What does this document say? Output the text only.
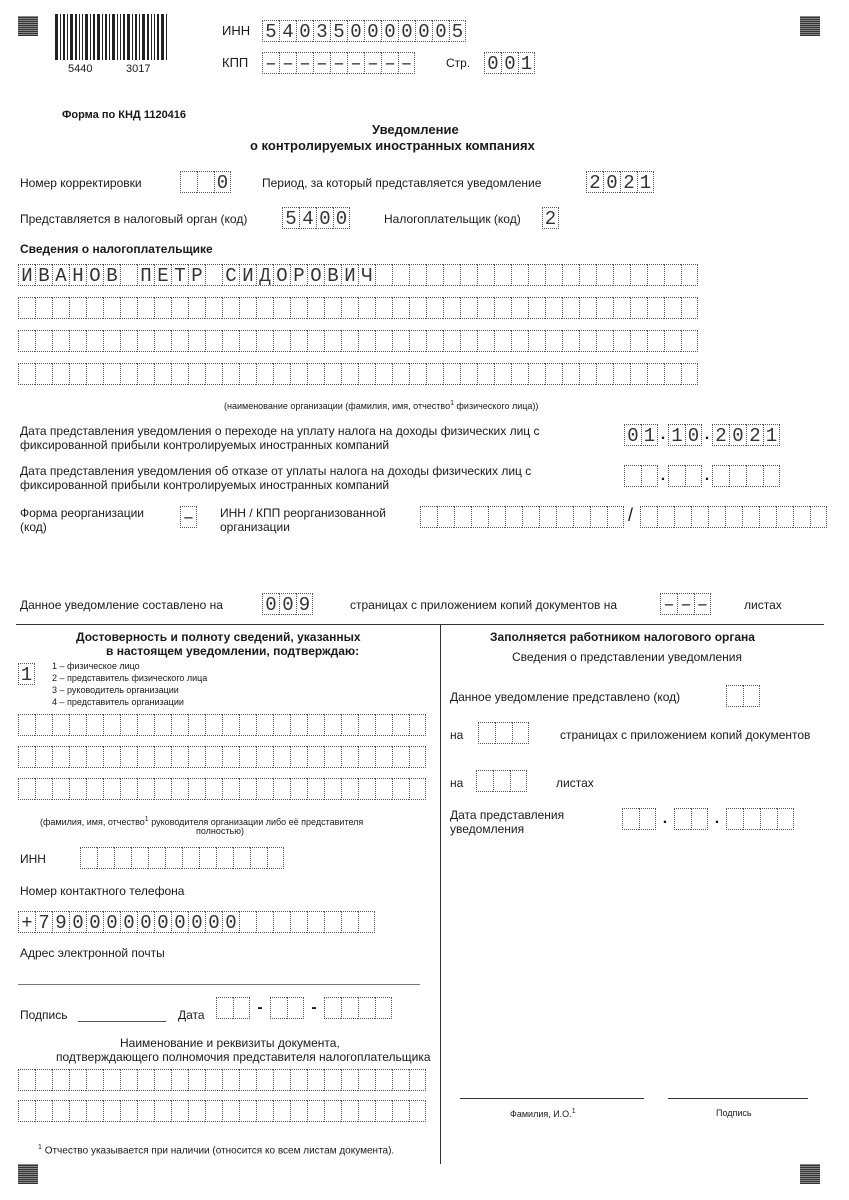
5440	3017
ИНН 5 4 0 3 5 0 0 0 0 0 0 5
КПП – – – – – – – – –	Стр. 0 0 1
Форма по КНД 1120416
Уведомление
о контролируемых иностранных компаниях
Номер корректировки	0	Период, за который представляется уведомление	2 0 2 1
Представляется в налоговый орган (код) 5 4 0 0	Налогоплательщик (код) 2
Сведения о налогоплательщике
И В А Н О В П Е Т Р С И Д О Р О В И Ч
(наименование организации (фамилия, имя, отчество$^1$ физического лица))
Дата представления уведомления о переходе на уплату налога на доходы физических лиц с
фиксированной прибыли контролируемых иностранных компаний	0 1 . 1 0 . 2 0 2 1
Дата представления уведомления об отказе от уплаты налога на доходы физических лиц с
фиксированной прибыли контролируемых иностранных компаний
. .
Форма реорганизации
(код)	– ИНН / КПП реорганизованной
организации
/
Данное уведомление составлено на 0 0 9	страницах с приложением копий документов на – – –	листах
Достоверность и полноту сведений, указанных
в настоящем уведомлении, подтверждаю:
1	1 – физическое лицо
2 – представитель физического лица
3 – руководитель организации
4 – представитель организации
(фамилия, имя, отчество$^1$ руководителя организации либо её представителя
полностью)
ИНН
Номер контактного телефона
+ 7 9 0 0 0 0 0 0 0 0 0 0
Адрес электронной почты
Подпись	Дата	-	-
Наименование и реквизиты документа,
подтверждающего полномочия представителя налогоплательщика
Заполняется работником налогового органа
Сведения о представлении уведомления
Данное уведомление представлено (код)
на	страницах с приложением копий документов
на	листах
Дата представления
уведомления
.	.
Фамилия, И.О.$^1$	Подпись
$^1$ Отчество указывается при наличии (относится ко всем листам документа).
